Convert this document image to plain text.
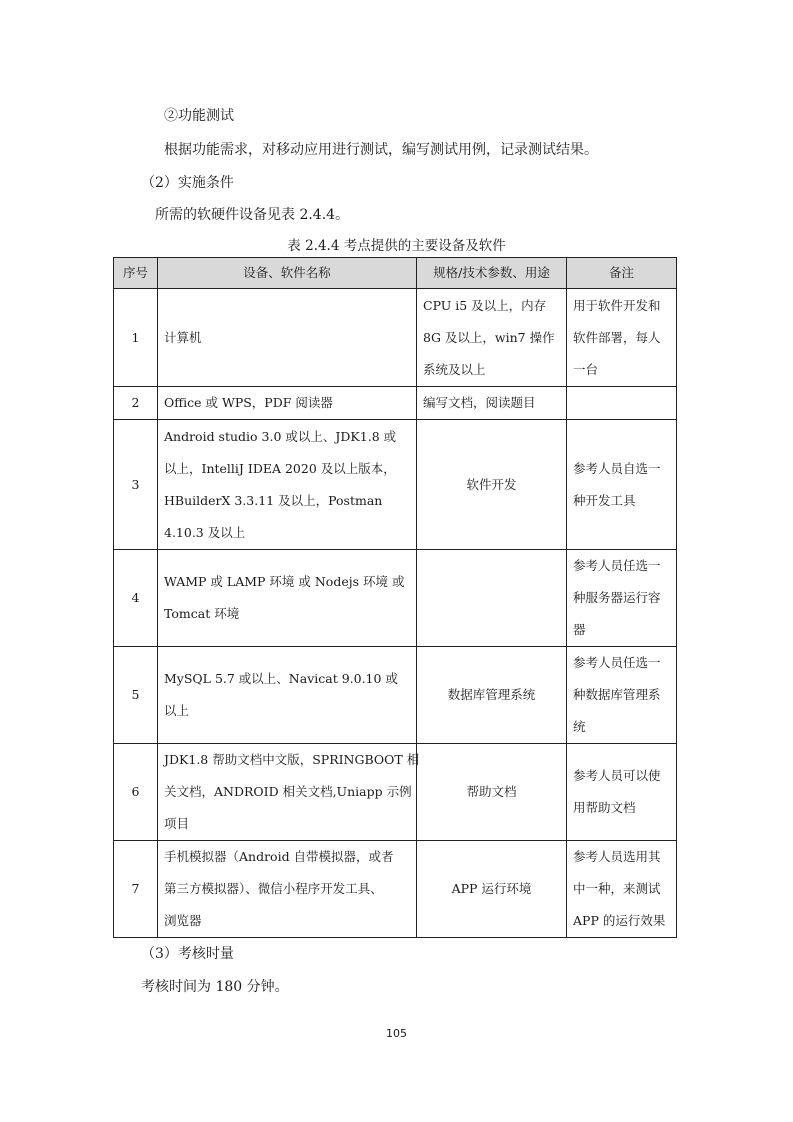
②功能测试
根据功能需求，对移动应用进行测试，编写测试用例，记录测试结果。
（2）实施条件
所需的软硬件设备见表 2.4.4。
表 2.4.4 考点提供的主要设备及软件
序号	设备、软件名称	规格/技术参数、用途	备注
1	计算机	CPU i5 及以上，内存
8G 及以上，win7 操作
系统及以上	用于软件开发和
软件部署，每人
一台

2	Office 或 WPS，PDF 阅读器	编写文档，阅读题目	

3	Android studio 3.0 或以上、JDK1.8 或
以上，IntelliJ IDEA 2020 及以上版本，
HBuilderX 3.3.11 及以上，Postman
4.10.3 及以上	软件开发	参考人员自选一
种开发工具

4	WAMP 或 LAMP 环境 或 Nodejs 环境 或
Tomcat 环境		参考人员任选一
种服务器运行容
器

5	MySQL 5.7 或以上、Navicat 9.0.10 或
以上	数据库管理系统	参考人员任选一
种数据库管理系
统

6	JDK1.8 帮助文档中文版，SPRINGBOOT 相
关文档，ANDROID 相关文档,Uniapp 示例
项目	帮助文档	参考人员可以使
用帮助文档

7	手机模拟器（Android 自带模拟器，或者
第三方模拟器）、微信小程序开发工具、
浏览器	APP 运行环境	参考人员选用其
中一种，来测试
APP 的运行效果
（3）考核时量
考核时间为 180 分钟。
105
